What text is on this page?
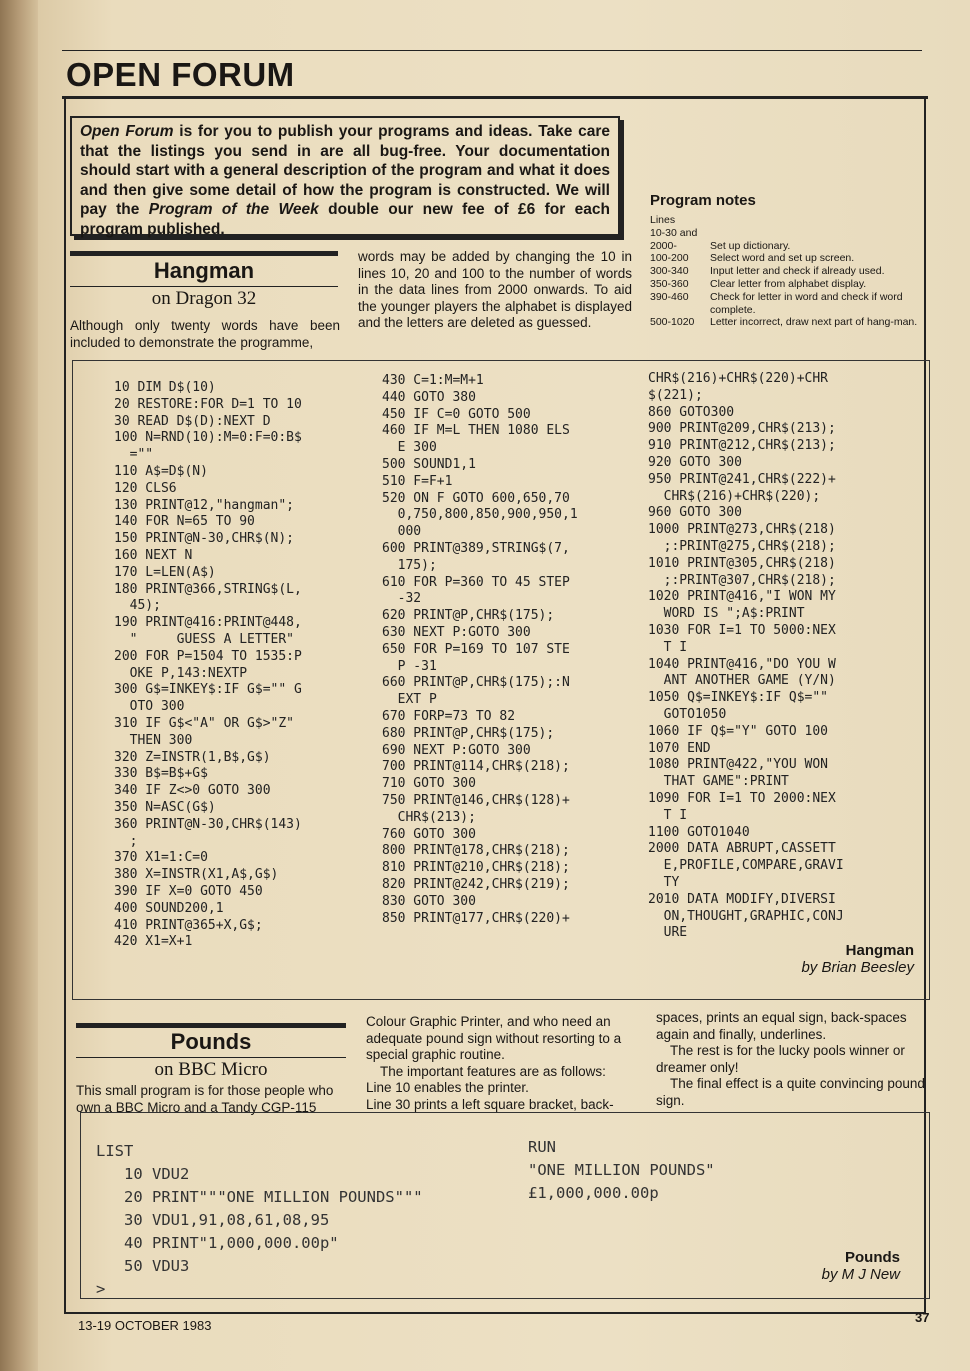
OPEN FORUM

Open Forum is for you to publish your programs and ideas. Take care that the listings you send in are all bug-free. Your documentation should start with a general description of the program and what it does and then give some detail of how the program is constructed. We will pay the Program of the Week double our new fee of £6 for each program published.

Hangman
on Dragon 32
Although only twenty words have been included to demonstrate the programme,
words may be added by changing the 10 in lines 10, 20 and 100 to the number of words in the data lines from 2000 onwards. To aid the younger players the alphabet is displayed and the letters are deleted as guessed.
Program notes
Lines
10-30 and
2000-	Set up dictionary.
100-200	Select word and set up screen.
300-340	Input letter and check if already used.
350-360	Clear letter from alphabet display.
390-460	Check for letter in word and check if word complete.
500-1020	Letter incorrect, draw next part of hang-man.
10 DIM D$(10)
20 RESTORE:FOR D=1 TO 10
30 READ D$(D):NEXT D
100 N=RND(10):M=0:F=0:B$
=""
110 A$=D$(N)
120 CLS6
130 PRINT@12,"hangman";
140 FOR N=65 TO 90
150 PRINT@N-30,CHR$(N);
160 NEXT N
170 L=LEN(A$)
180 PRINT@366,STRING$(L,
45);
190 PRINT@416:PRINT@448,
"     GUESS A LETTER"
200 FOR P=1504 TO 1535:P
OKE P,143:NEXTP
300 G$=INKEY$:IF G$="" G
OTO 300
310 IF G$<"A" OR G$>"Z"
THEN 300
320 Z=INSTR(1,B$,G$)
330 B$=B$+G$
340 IF Z<>0 GOTO 300
350 N=ASC(G$)
360 PRINT@N-30,CHR$(143)
;
370 X1=1:C=0
380 X=INSTR(X1,A$,G$)
390 IF X=0 GOTO 450
400 SOUND200,1
410 PRINT@365+X,G$;
420 X1=X+1
430 C=1:M=M+1
440 GOTO 380
450 IF C=0 GOTO 500
460 IF M=L THEN 1080 ELS
E 300
500 SOUND1,1
510 F=F+1
520 ON F GOTO 600,650,70
0,750,800,850,900,950,1
000
600 PRINT@389,STRING$(7,
175);
610 FOR P=360 TO 45 STEP
-32
620 PRINT@P,CHR$(175);
630 NEXT P:GOTO 300
650 FOR P=169 TO 107 STE
P -31
660 PRINT@P,CHR$(175);:N
EXT P
670 FORP=73 TO 82
680 PRINT@P,CHR$(175);
690 NEXT P:GOTO 300
700 PRINT@114,CHR$(218);
710 GOTO 300
750 PRINT@146,CHR$(128)+
CHR$(213);
760 GOTO 300
800 PRINT@178,CHR$(218);
810 PRINT@210,CHR$(218);
820 PRINT@242,CHR$(219);
830 GOTO 300
850 PRINT@177,CHR$(220)+
CHR$(216)+CHR$(220)+CHR
$(221);
860 GOTO300
900 PRINT@209,CHR$(213);
910 PRINT@212,CHR$(213);
920 GOTO 300
950 PRINT@241,CHR$(222)+
CHR$(216)+CHR$(220);
960 GOTO 300
1000 PRINT@273,CHR$(218)
;:PRINT@275,CHR$(218);
1010 PRINT@305,CHR$(218)
;:PRINT@307,CHR$(218);
1020 PRINT@416,"I WON MY
WORD IS ";A$:PRINT
1030 FOR I=1 TO 5000:NEX
T I
1040 PRINT@416,"DO YOU W
ANT ANOTHER GAME (Y/N)
1050 Q$=INKEY$:IF Q$=""
GOTO1050
1060 IF Q$="Y" GOTO 100
1070 END
1080 PRINT@422,"YOU WON
THAT GAME":PRINT
1090 FOR I=1 TO 2000:NEX
T I
1100 GOTO1040
2000 DATA ABRUPT,CASSETT
E,PROFILE,COMPARE,GRAVI
TY
2010 DATA MODIFY,DIVERSI
ON,THOUGHT,GRAPHIC,CONJ
URE
Hangman
by Brian Beesley
Pounds
on BBC Micro
This small program is for those people who own a BBC Micro and a Tandy CGP-115
Colour Graphic Printer, and who need an adequate pound sign without resorting to a special graphic routine.
The important features are as follows:
Line 10 enables the printer.
Line 30 prints a left square bracket, back-
spaces, prints an equal sign, back-spaces again and finally, underlines.
The rest is for the lucky pools winner or dreamer only!
The final effect is a quite convincing pound sign.
LIST
10 VDU2
20 PRINT"""ONE MILLION POUNDS"""
30 VDU1,91,08,61,08,95
40 PRINT"1,000,000.00p"
50 VDU3
>
RUN
"ONE MILLION POUNDS"
£1,000,000.00p
Pounds
by M J New
13-19 OCTOBER 1983
37
